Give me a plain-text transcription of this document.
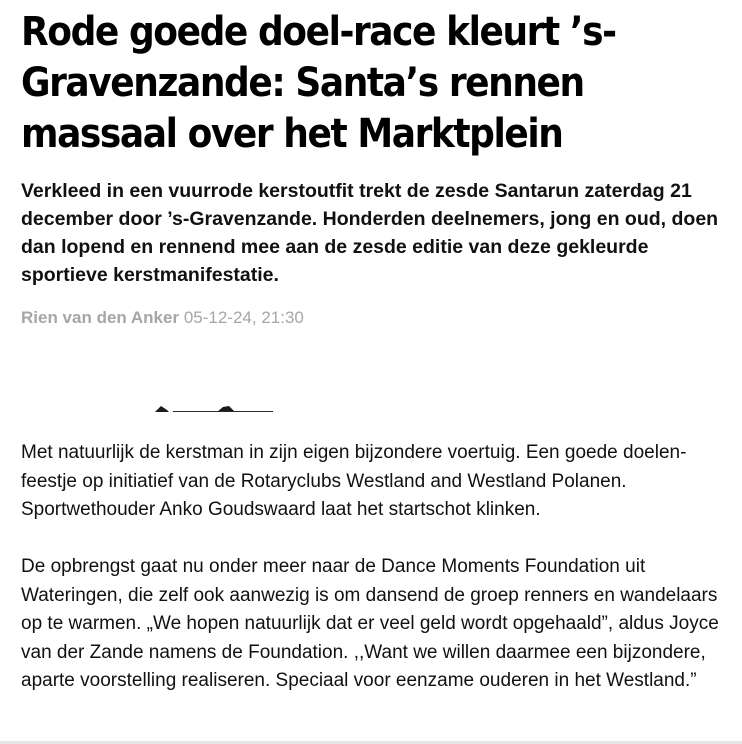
Rode goede doel-race kleurt ’s-Gravenzande: Santa’s rennen massaal over het Marktplein

Verkleed in een vuurrode kerstoutfit trekt de zesde Santarun zaterdag 21 december door ’s-Gravenzande. Honderden deelnemers, jong en oud, doen dan lopend en rennend mee aan de zesde editie van deze gekleurde sportieve kerstmanifestatie.

Rien van den Anker 05-12-24, 21:30

Met natuurlijk de kerstman in zijn eigen bijzondere voertuig. Een goede doelen-feestje op initiatief van de Rotaryclubs Westland and Westland Polanen. Sportwethouder Anko Goudswaard laat het startschot klinken.

De opbrengst gaat nu onder meer naar de Dance Moments Foundation uit Wateringen, die zelf ook aanwezig is om dansend de groep renners en wandelaars op te warmen. „We hopen natuurlijk dat er veel geld wordt opgehaald”, aldus Joyce van der Zande namens de Foundation. ,,Want we willen daarmee een bijzondere, aparte voorstelling realiseren. Speciaal voor eenzame ouderen in het Westland.”
